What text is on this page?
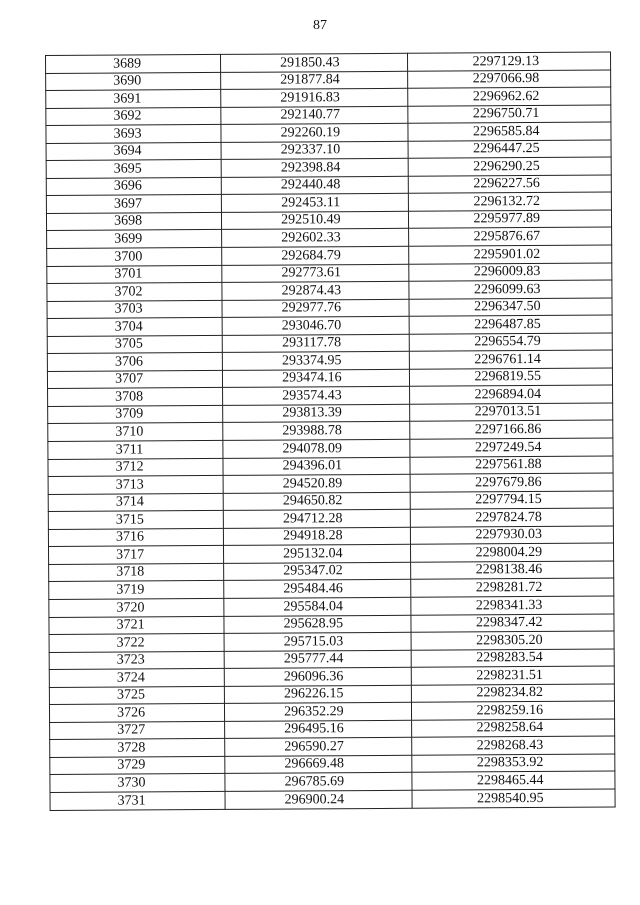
87
3689	291850.43	2297129.13
3690	291877.84	2297066.98
3691	291916.83	2296962.62
3692	292140.77	2296750.71
3693	292260.19	2296585.84
3694	292337.10	2296447.25
3695	292398.84	2296290.25
3696	292440.48	2296227.56
3697	292453.11	2296132.72
3698	292510.49	2295977.89
3699	292602.33	2295876.67
3700	292684.79	2295901.02
3701	292773.61	2296009.83
3702	292874.43	2296099.63
3703	292977.76	2296347.50
3704	293046.70	2296487.85
3705	293117.78	2296554.79
3706	293374.95	2296761.14
3707	293474.16	2296819.55
3708	293574.43	2296894.04
3709	293813.39	2297013.51
3710	293988.78	2297166.86
3711	294078.09	2297249.54
3712	294396.01	2297561.88
3713	294520.89	2297679.86
3714	294650.82	2297794.15
3715	294712.28	2297824.78
3716	294918.28	2297930.03
3717	295132.04	2298004.29
3718	295347.02	2298138.46
3719	295484.46	2298281.72
3720	295584.04	2298341.33
3721	295628.95	2298347.42
3722	295715.03	2298305.20
3723	295777.44	2298283.54
3724	296096.36	2298231.51
3725	296226.15	2298234.82
3726	296352.29	2298259.16
3727	296495.16	2298258.64
3728	296590.27	2298268.43
3729	296669.48	2298353.92
3730	296785.69	2298465.44
3731	296900.24	2298540.95
